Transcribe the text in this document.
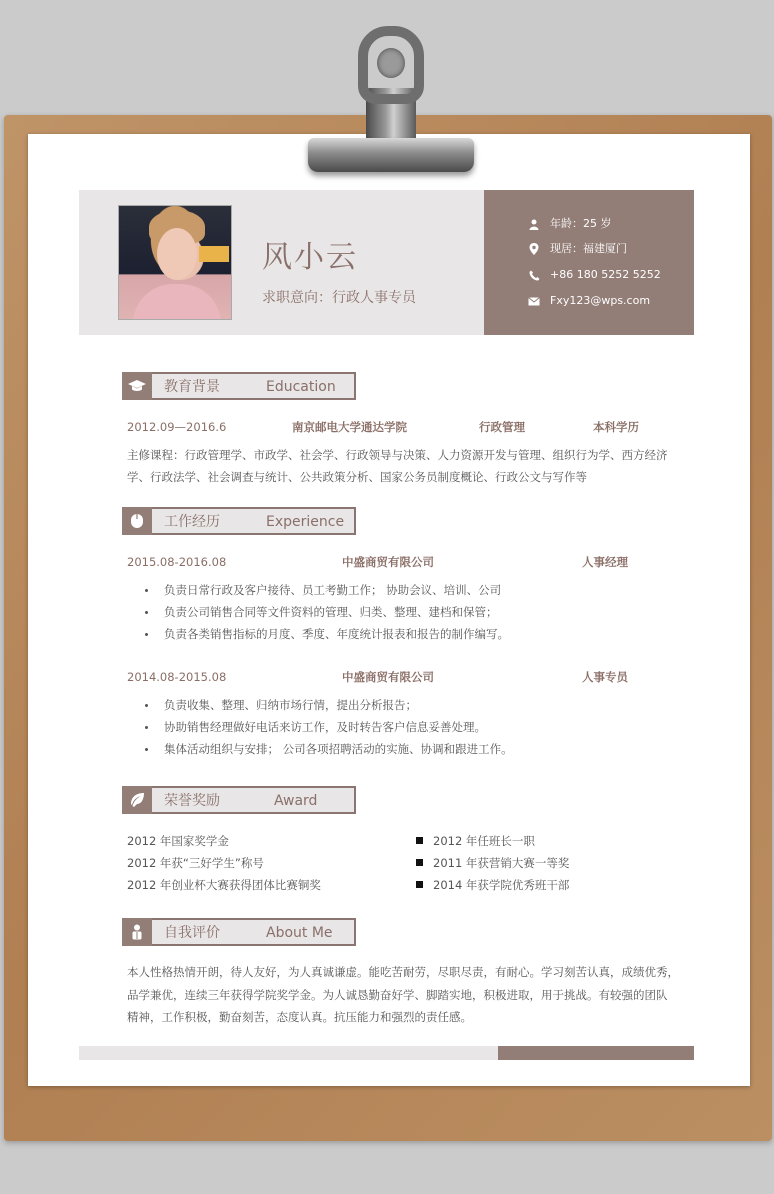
风小云
求职意向：行政人事专员
年龄：25 岁
现居：福建厦门
+86 180 5252 5252
Fxy123@wps.com
教育背景	Education
2012.09—2016.6	南京邮电大学通达学院	行政管理	本科学历
主修课程：行政管理学、市政学、社会学、行政领导与决策、人力资源开发与管理、组织行为学、西方经济
学、行政法学、社会调查与统计、公共政策分析、国家公务员制度概论、行政公文与写作等
工作经历	Experience
2015.08-2016.08	中盛商贸有限公司	人事经理
负责日常行政及客户接待、员工考勤工作； 协助会议、培训、公司
负责公司销售合同等文件资料的管理、归类、整理、建档和保管；
负责各类销售指标的月度、季度、年度统计报表和报告的制作编写。
2014.08-2015.08	中盛商贸有限公司	人事专员
负责收集、整理、归纳市场行情，提出分析报告；
协助销售经理做好电话来访工作，及时转告客户信息妥善处理。
集体活动组织与安排； 公司各项招聘活动的实施、协调和跟进工作。
荣誉奖励	Award
2012 年国家奖学金
2012 年获“三好学生”称号
2012 年创业杯大赛获得团体比赛铜奖
2012 年任班长一职
2011 年获营销大赛一等奖
2014 年获学院优秀班干部
自我评价	About Me
本人性格热情开朗，待人友好，为人真诚谦虚。能吃苦耐劳，尽职尽责，有耐心。学习刻苦认真，成绩优秀，
品学兼优，连续三年获得学院奖学金。为人诚恳勤奋好学、脚踏实地，积极进取，用于挑战。有较强的团队
精神，工作积极，勤奋刻苦，态度认真。抗压能力和强烈的责任感。
